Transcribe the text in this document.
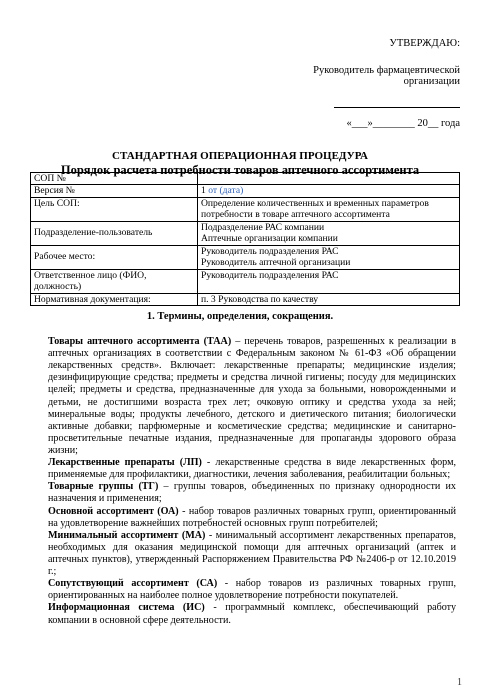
УТВЕРЖДАЮ:
Руководитель фармацевтической организации
«___»________ 20__ года
СТАНДАРТНАЯ ОПЕРАЦИОННАЯ ПРОЦЕДУРА
Порядок расчета потребности товаров аптечного ассортимента
СОП №	
Версия №	1 от (дата)
Цель СОП:	Определение количественных и временных параметров потребности в товаре аптечного ассортимента
Подразделение-пользователь	Подразделение РАС компании
Аптечные организации компании

Рабочее место:	Руководитель подразделения РАС
Руководитель аптечной организации

Ответственное лицо (ФИО, должность)	Руководитель подразделения РАС
Нормативная документация:	п. 3 Руководства по качеству
1. Термины, определения, сокращения.

Товары аптечного ассортимента (ТАА) – перечень товаров, разрешенных к реализации в аптечных организациях в соответствии с Федеральным законом № 61-ФЗ «Об обращении лекарственных средств». Включает: лекарственные препараты; медицинские изделия; дезинфицирующие средства; предметы и средства личной гигиены; посуду для медицинских целей; предметы и средства, предназначенные для ухода за больными, новорожденными и детьми, не достигшими возраста трех лет; очковую оптику и средства ухода за ней; минеральные воды; продукты лечебного, детского и диетического питания; биологически активные добавки; парфюмерные и косметические средства; медицинские и санитарно-просветительные печатные издания, предназначенные для пропаганды здорового образа жизни;

Лекарственные препараты (ЛП) - лекарственные средства в виде лекарственных форм, применяемые для профилактики, диагностики, лечения заболевания, реабилитации больных;

Товарные группы (ТГ) – группы товаров, объединенных по признаку однородности их назначения и применения;

Основной ассортимент (ОА) - набор товаров различных товарных групп, ориентированный на удовлетворение важнейших потребностей основных групп потребителей;

Минимальный ассортимент (МА) - минимальный ассортимент лекарственных препаратов, необходимых для оказания медицинской помощи для аптечных организаций (аптек и аптечных пунктов), утвержденный Распоряжением Правительства РФ №2406-р от 12.10.2019 г.;

Сопутствующий ассортимент (СА) - набор товаров из различных товарных групп, ориентированных на наиболее полное удовлетворение потребности покупателей.

Информационная система (ИС) - программный комплекс, обеспечивающий работу компании в основной сфере деятельности.

1
